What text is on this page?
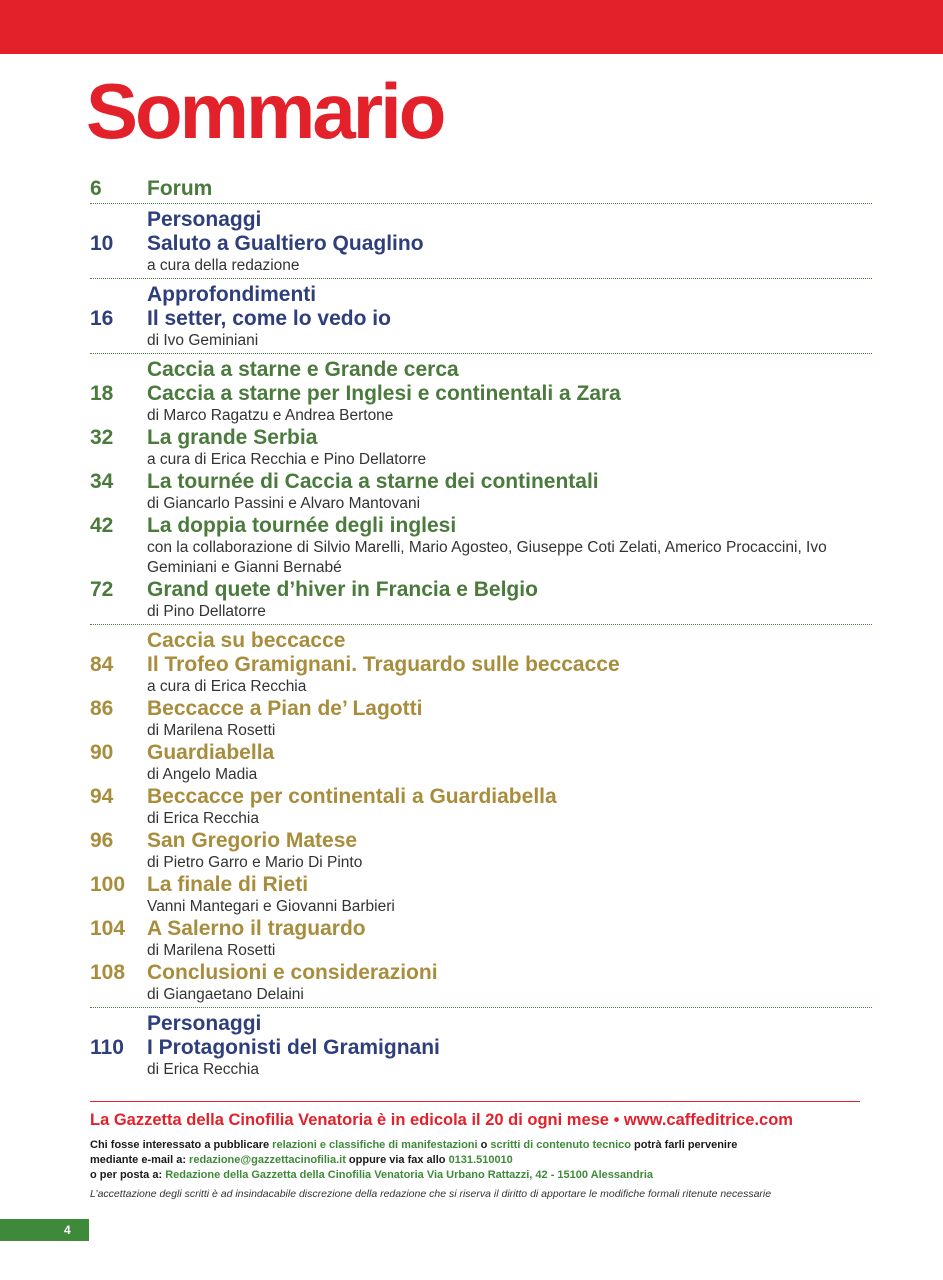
Sommario
6	Forum
Personaggi
10	Saluto a Gualtiero Quaglino
a cura della redazione
Approfondimenti
16	Il setter, come lo vedo io
di Ivo Geminiani
Caccia a starne e Grande cerca
18	Caccia a starne per Inglesi e continentali a Zara
di Marco Ragatzu e Andrea Bertone
32	La grande Serbia
a cura di Erica Recchia e Pino Dellatorre
34	La tournée di Caccia a starne dei continentali
di Giancarlo Passini e Alvaro Mantovani
42	La doppia tournée degli inglesi
con la collaborazione di Silvio Marelli, Mario Agosteo, Giuseppe Coti Zelati, Americo Procaccini, Ivo Geminiani e Gianni Bernabé
72	Grand quete d’hiver in Francia e Belgio
di Pino Dellatorre
Caccia su beccacce
84	Il Trofeo Gramignani. Traguardo sulle beccacce
a cura di Erica Recchia
86	Beccacce a Pian de’ Lagotti
di Marilena Rosetti
90	Guardiabella
di Angelo Madia
94	Beccacce per continentali a Guardiabella
di Erica Recchia
96	San Gregorio Matese
di Pietro Garro e Mario Di Pinto
100	La finale di Rieti
Vanni Mantegari e Giovanni Barbieri
104	A Salerno il traguardo
di Marilena Rosetti
108	Conclusioni e considerazioni
di Giangaetano Delaini
Personaggi
110	I Protagonisti del Gramignani
di Erica Recchia
La Gazzetta della Cinofilia Venatoria è in edicola il 20 di ogni mese • www.caffeditrice.com
Chi fosse interessato a pubblicare relazioni e classifiche di manifestazioni o scritti di contenuto tecnico potrà farli pervenire
mediante e-mail a: redazione@gazzettacinofilia.it oppure via fax allo 0131.510010
o per posta a: Redazione della Gazzetta della Cinofilia Venatoria Via Urbano Rattazzi, 42 - 15100 Alessandria
L’accettazione degli scritti è ad insindacabile discrezione della redazione che si riserva il diritto di apportare le modifiche formali ritenute necessarie
4
